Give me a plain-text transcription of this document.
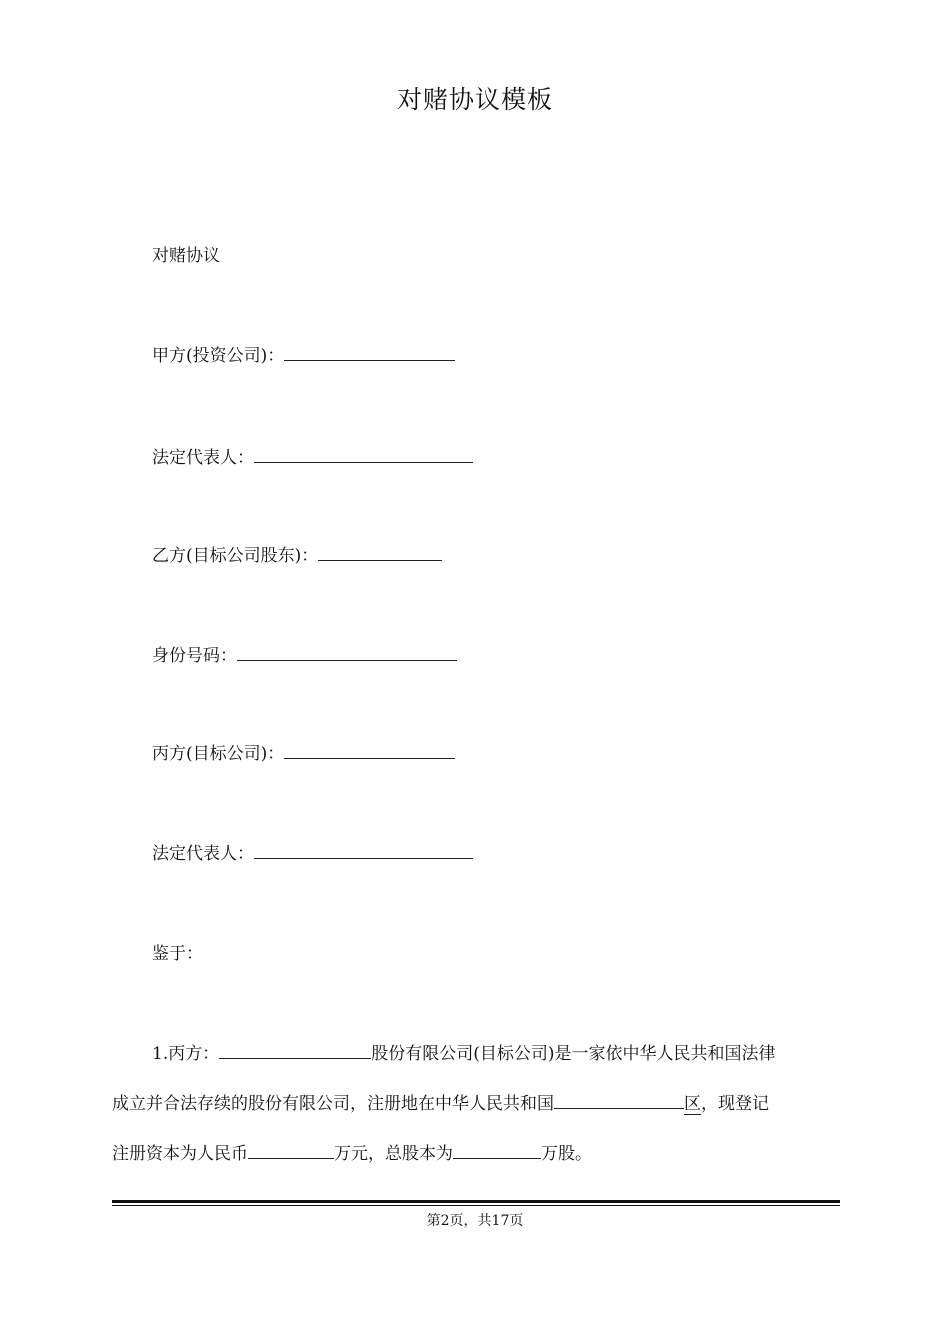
对赌协议模板
对赌协议
甲方(投资公司)：
法定代表人：
乙方(目标公司股东)：
身份号码：
丙方(目标公司)：
法定代表人：
鉴于：
1.丙方：	股份有限公司(目标公司)是一家依中华人民共和国法律
成立并合法存续的股份有限公司，注册地在中华人民共和国	区，现登记
注册资本为人民币	万元，总股本为	万股。
第2页，共17页
